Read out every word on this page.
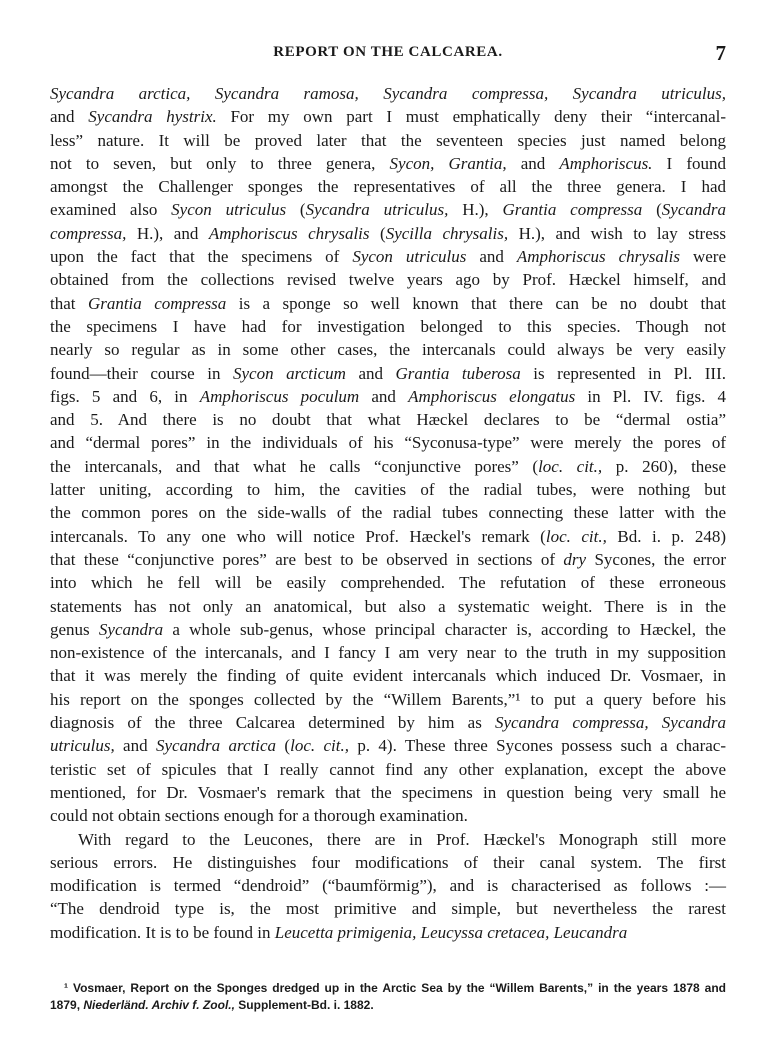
REPORT ON THE CALCAREA.	7
Sycandra arctica, Sycandra ramosa, Sycandra compressa, Sycandra utriculus,
and Sycandra hystrix. For my own part I must emphatically deny their “intercanal-
less” nature. It will be proved later that the seventeen species just named belong
not to seven, but only to three genera, Sycon, Grantia, and Amphoriscus. I found
amongst the Challenger sponges the representatives of all the three genera. I had
examined also Sycon utriculus (Sycandra utriculus, H.), Grantia compressa (Sycandra
compressa, H.), and Amphoriscus chrysalis (Sycilla chrysalis, H.), and wish to lay stress
upon the fact that the specimens of Sycon utriculus and Amphoriscus chrysalis were
obtained from the collections revised twelve years ago by Prof. Hæckel himself, and
that Grantia compressa is a sponge so well known that there can be no doubt that
the specimens I have had for investigation belonged to this species. Though not
nearly so regular as in some other cases, the intercanals could always be very easily
found—their course in Sycon arcticum and Grantia tuberosa is represented in Pl. III.
figs. 5 and 6, in Amphoriscus poculum and Amphoriscus elongatus in Pl. IV. figs. 4
and 5. And there is no doubt that what Hæckel declares to be “dermal ostia”
and “dermal pores” in the individuals of his “Syconusa-type” were merely the pores of
the intercanals, and that what he calls “conjunctive pores” (loc. cit., p. 260), these
latter uniting, according to him, the cavities of the radial tubes, were nothing but
the common pores on the side-walls of the radial tubes connecting these latter with the
intercanals. To any one who will notice Prof. Hæckel's remark (loc. cit., Bd. i. p. 248)
that these “conjunctive pores” are best to be observed in sections of dry Sycones, the error
into which he fell will be easily comprehended. The refutation of these erroneous
statements has not only an anatomical, but also a systematic weight. There is in the
genus Sycandra a whole sub-genus, whose principal character is, according to Hæckel, the
non-existence of the intercanals, and I fancy I am very near to the truth in my supposition
that it was merely the finding of quite evident intercanals which induced Dr. Vosmaer, in
his report on the sponges collected by the “Willem Barents,”¹ to put a query before his
diagnosis of the three Calcarea determined by him as Sycandra compressa, Sycandra
utriculus, and Sycandra arctica (loc. cit., p. 4). These three Sycones possess such a charac-
teristic set of spicules that I really cannot find any other explanation, except the above
mentioned, for Dr. Vosmaer's remark that the specimens in question being very small he
could not obtain sections enough for a thorough examination.
With regard to the Leucones, there are in Prof. Hæckel's Monograph still more
serious errors. He distinguishes four modifications of their canal system. The first
modification is termed “dendroid” (“baumförmig”), and is characterised as follows :—
“The dendroid type is, the most primitive and simple, but nevertheless the rarest
modification. It is to be found in Leucetta primigenia, Leucyssa cretacea, Leucandra
¹ Vosmaer, Report on the Sponges dredged up in the Arctic Sea by the “Willem Barents,” in the years 1878 and
1879, Niederländ. Archiv f. Zool., Supplement-Bd. i. 1882.
